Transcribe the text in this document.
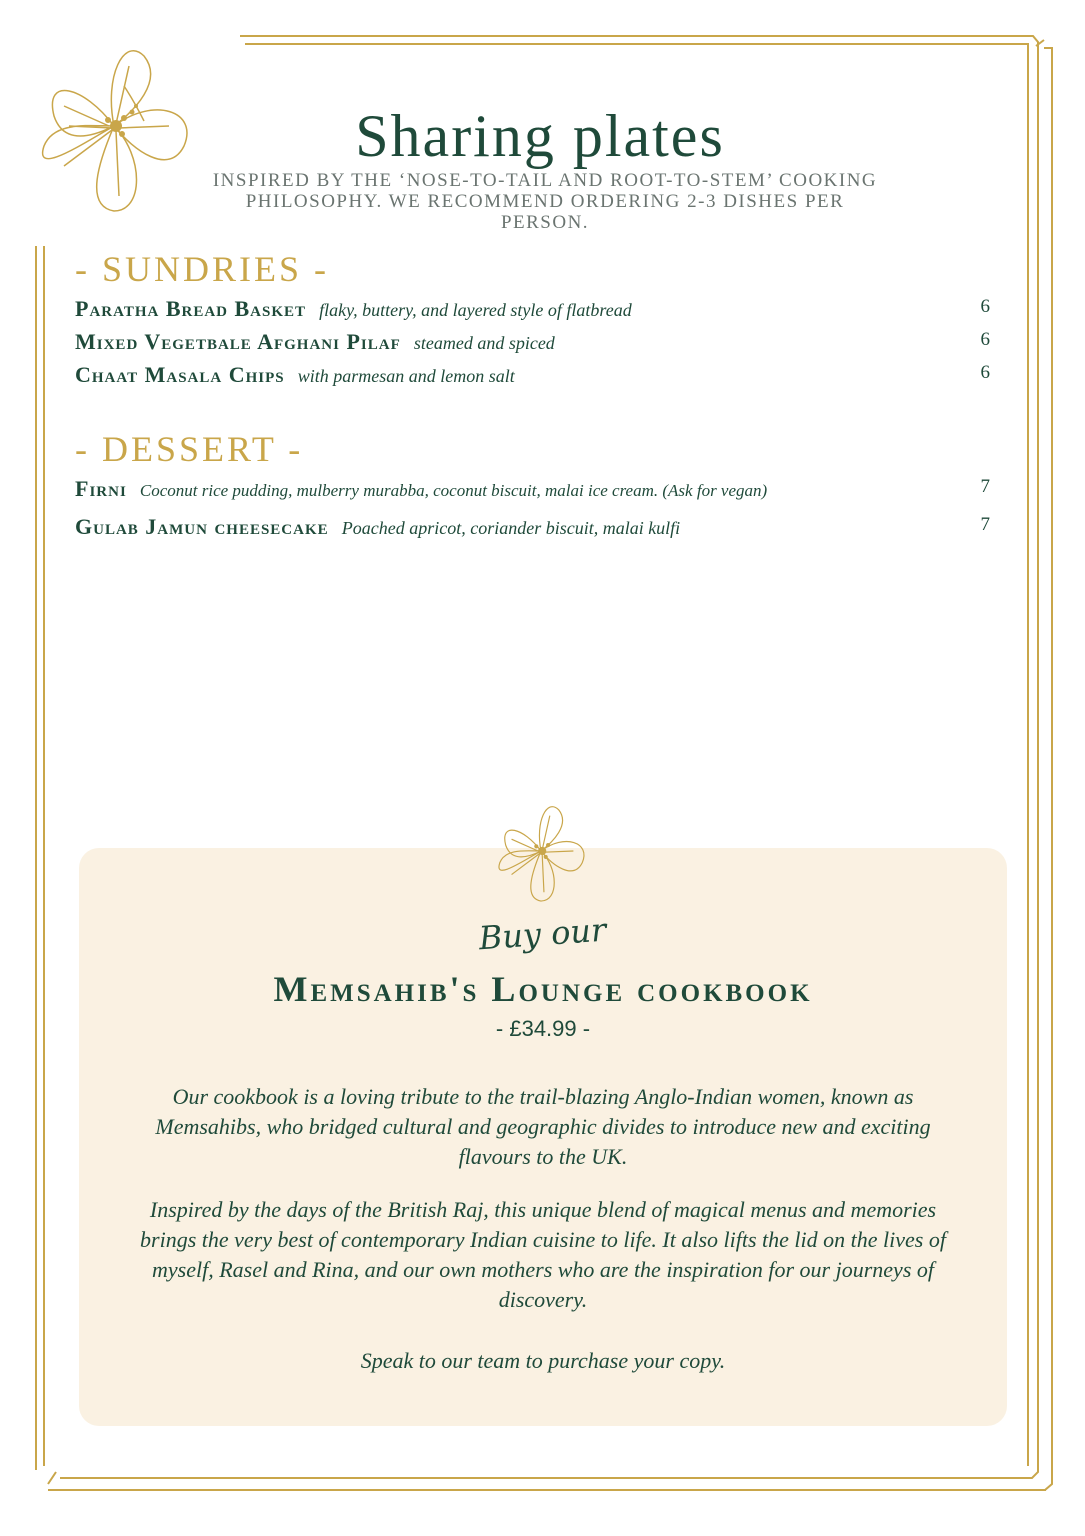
Sharing plates

INSPIRED BY THE ‘NOSE-TO-TAIL AND ROOT-TO-STEM’ COOKING PHILOSOPHY. WE RECOMMEND ORDERING 2-3 DISHES PER PERSON.

- SUNDRIES -
Paratha Bread Basket flaky, buttery, and layered style of flatbread	6
Mixed Vegetbale Afghani Pilaf steamed and spiced	6
Chaat Masala Chips with parmesan and lemon salt	6
- DESSERT -
Firni Coconut rice pudding, mulberry murabba, coconut biscuit, malai ice cream. (Ask for vegan)	7
Gulab Jamun cheesecake Poached apricot, coriander biscuit, malai kulfi	7
Buy our
Memsahib's Lounge cookbook
- £34.99 -

Our cookbook is a loving tribute to the trail-blazing Anglo-Indian women, known as Memsahibs, who bridged cultural and geographic divides to introduce new and exciting flavours to the UK.

Inspired by the days of the British Raj, this unique blend of magical menus and memories brings the very best of contemporary Indian cuisine to life. It also lifts the lid on the lives of myself, Rasel and Rina, and our own mothers who are the inspiration for our journeys of discovery.

Speak to our team to purchase your copy.
